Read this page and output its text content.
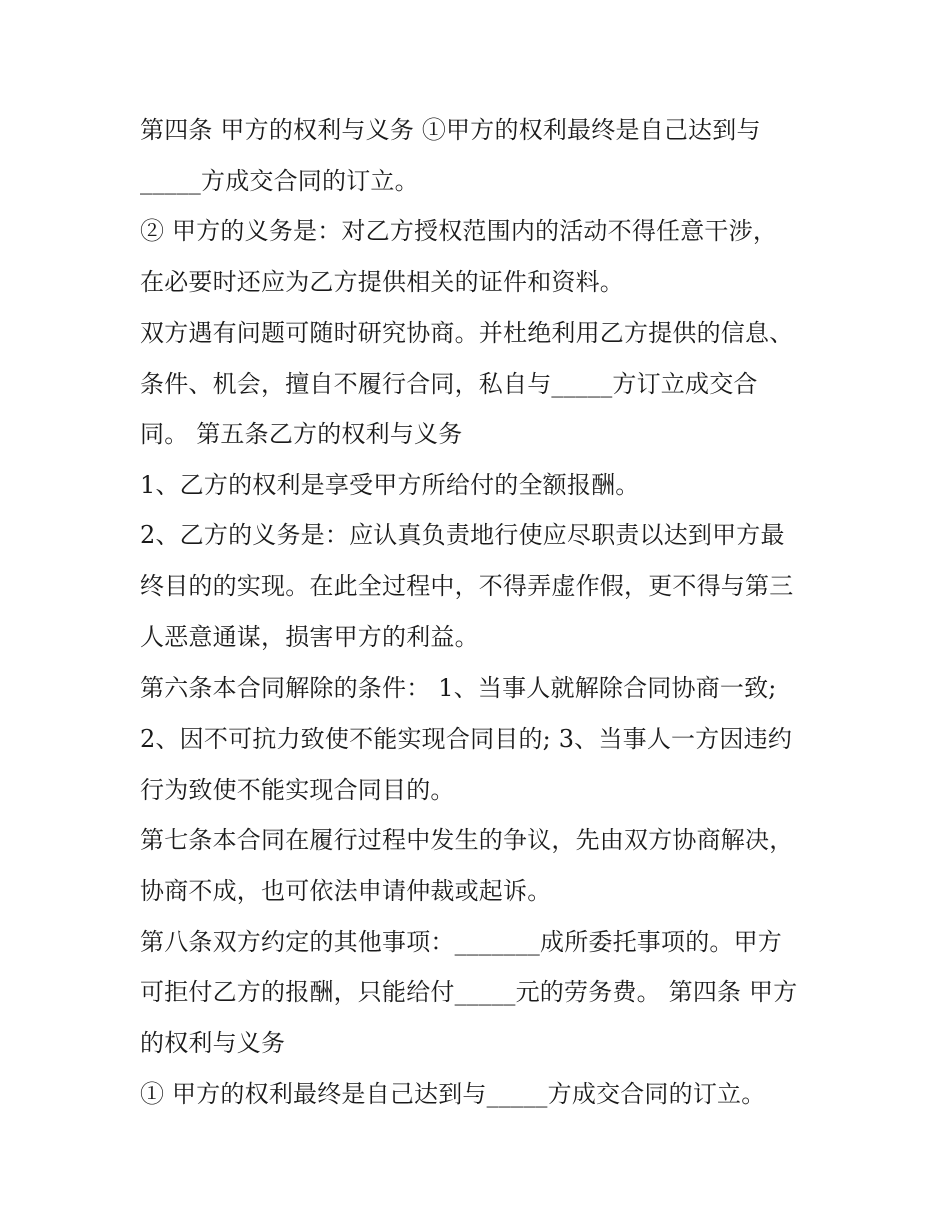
第四条 甲方的权利与义务 ①甲方的权利最终是自己达到与
_____方成交合同的订立。
② 甲方的义务是：对乙方授权范围内的活动不得任意干涉，
在必要时还应为乙方提供相关的证件和资料。
双方遇有问题可随时研究协商。并杜绝利用乙方提供的信息、
条件、机会，擅自不履行合同，私自与_____方订立成交合
同。 第五条乙方的权利与义务
1、乙方的权利是享受甲方所给付的全额报酬。
2、乙方的义务是：应认真负责地行使应尽职责以达到甲方最
终目的的实现。在此全过程中，不得弄虚作假，更不得与第三
人恶意通谋，损害甲方的利益。
第六条本合同解除的条件： 1、当事人就解除合同协商一致;
2、因不可抗力致使不能实现合同目的; 3、当事人一方因违约
行为致使不能实现合同目的。
第七条本合同在履行过程中发生的争议，先由双方协商解决，
协商不成，也可依法申请仲裁或起诉。
第八条双方约定的其他事项：_______成所委托事项的。甲方
可拒付乙方的报酬，只能给付_____元的劳务费。 第四条 甲方
的权利与义务
① 甲方的权利最终是自己达到与_____方成交合同的订立。
